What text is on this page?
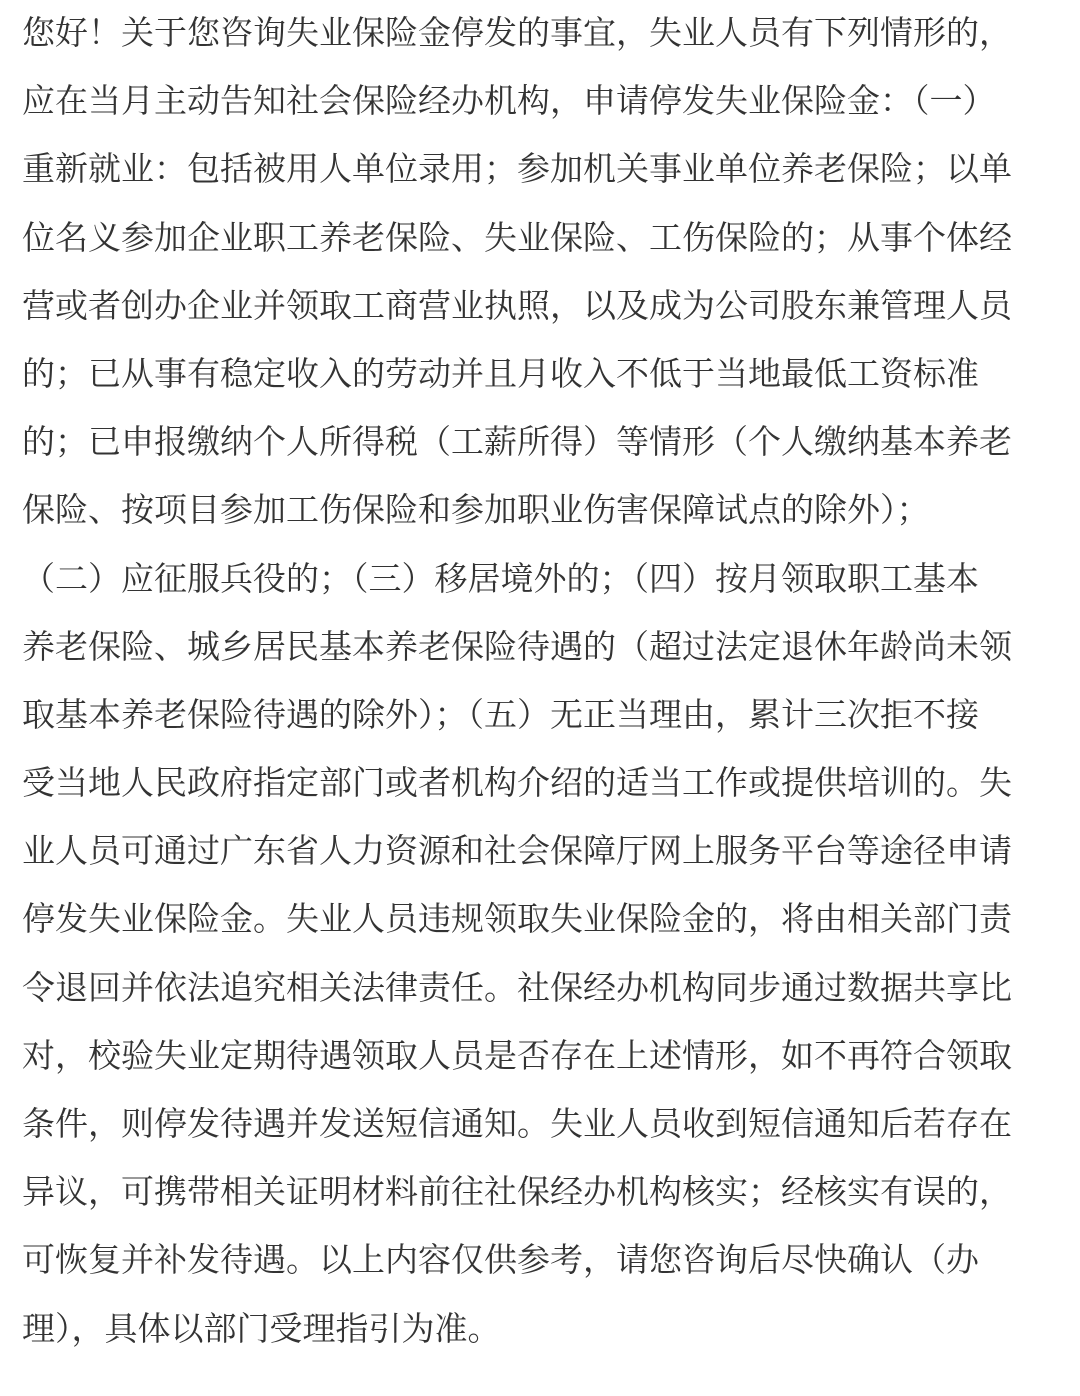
您好！关于您咨询失业保险金停发的事宜，失业人员有下列情形的，
应在当月主动告知社会保险经办机构，申请停发失业保险金：（一）
重新就业：包括被用人单位录用；参加机关事业单位养老保险；以单
位名义参加企业职工养老保险、失业保险、工伤保险的；从事个体经
营或者创办企业并领取工商营业执照，以及成为公司股东兼管理人员
的；已从事有稳定收入的劳动并且月收入不低于当地最低工资标准
的；已申报缴纳个人所得税（工薪所得）等情形（个人缴纳基本养老
保险、按项目参加工伤保险和参加职业伤害保障试点的除外）；
（二）应征服兵役的；（三）移居境外的；（四）按月领取职工基本
养老保险、城乡居民基本养老保险待遇的（超过法定退休年龄尚未领
取基本养老保险待遇的除外）；（五）无正当理由，累计三次拒不接
受当地人民政府指定部门或者机构介绍的适当工作或提供培训的。失
业人员可通过广东省人力资源和社会保障厅网上服务平台等途径申请
停发失业保险金。失业人员违规领取失业保险金的，将由相关部门责
令退回并依法追究相关法律责任。社保经办机构同步通过数据共享比
对，校验失业定期待遇领取人员是否存在上述情形，如不再符合领取
条件，则停发待遇并发送短信通知。失业人员收到短信通知后若存在
异议，可携带相关证明材料前往社保经办机构核实；经核实有误的，
可恢复并补发待遇。以上内容仅供参考，请您咨询后尽快确认（办
理），具体以部门受理指引为准。
